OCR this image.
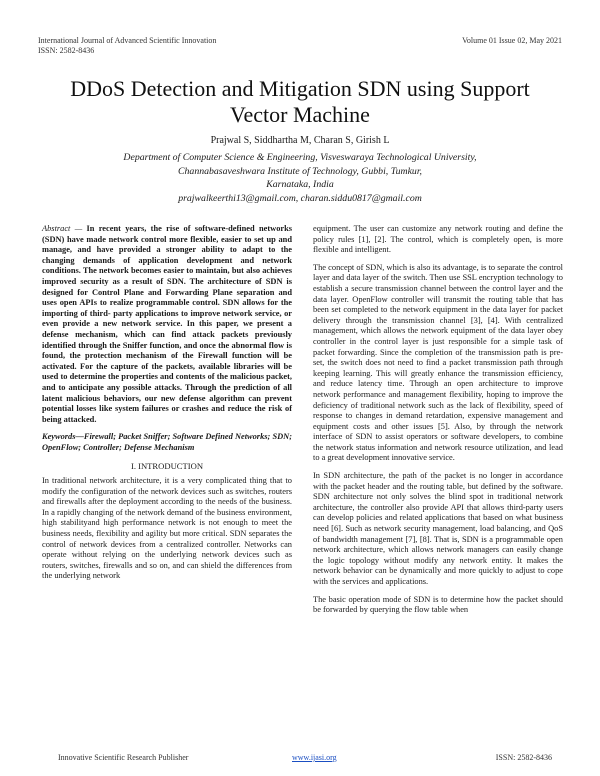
International Journal of Advanced Scientific Innovation
ISSN: 2582-8436
Volume 01 Issue 02, May 2021
DDoS Detection and Mitigation SDN using Support
Vector Machine
Prajwal S, Siddhartha M, Charan S, Girish L
Department of Computer Science & Engineering, Visveswaraya Technological University,
Channabasaveshwara Institute of Technology, Gubbi, Tumkur,
Karnataka, India
prajwalkeerthi13@gmail.com, charan.siddu0817@gmail.com

Abstract — In recent years, the rise of software-defined networks (SDN) have made network control more flexible, easier to set up and manage, and have provided a stronger ability to adapt to the changing demands of application development and network conditions. The network becomes easier to maintain, but also achieves improved security as a result of SDN. The architecture of SDN is designed for Control Plane and Forwarding Plane separation and uses open APIs to realize programmable control. SDN allows for the importing of third- party applications to improve network service, or even provide a new network service. In this paper, we present a defense mechanism, which can find attack packets previously identified through the Sniffer function, and once the abnormal flow is found, the protection mechanism of the Firewall function will be activated. For the capture of the packets, available libraries will be used to determine the properties and contents of the malicious packet, and to anticipate any possible attacks. Through the prediction of all latent malicious behaviors, our new defense algorithm can prevent potential losses like system failures or crashes and reduce the risk of being attacked.

Keywords—Firewall; Packet Sniffer; Software Defined Networks; SDN; OpenFlow; Controller; Defense Mechanism

I. INTRODUCTION

In traditional network architecture, it is a very complicated thing that to modify the configuration of the network devices such as switches, routers and firewalls after the deployment according to the needs of the business. In a rapidly changing of the network demand of the business environment, high stabilityand high performance network is not enough to meet the business needs, flexibility and agility but more critical. SDN separates the control of network devices from a centralized controller. Networks can operate without relying on the underlying network devices such as routers, switches, firewalls and so on, and can shield the differences from the underlying network

equipment. The user can customize any network routing and define the policy rules [1], [2]. The control, which is completely open, is more flexible and intelligent.

The concept of SDN, which is also its advantage, is to separate the control layer and data layer of the switch. Then use SSL encryption technology to establish a secure transmission channel between the control layer and the data layer. OpenFlow controller will transmit the routing table that has been set completed to the network equipment in the data layer for packet delivery through the transmission channel [3], [4]. With centralized management, which allows the network equipment of the data layer obey controller in the control layer is just responsible for a simple task of packet forwarding. Since the completion of the transmission path is pre-set, the switch does not need to find a packet transmission path through keeping learning. This will greatly enhance the transmission efficiency, and reduce latency time. Through an open architecture to improve network performance and management flexibility, hoping to improve the deficiency of traditional network such as the lack of flexibility, speed of response to changes in demand retardation, expensive management and equipment costs and other issues [5]. Also, by through the network interface of SDN to assist operators or software developers, to combine the network status information and network resource utilization, and lead to a great development innovative service.

In SDN architecture, the path of the packet is no longer in accordance with the packet header and the routing table, but defined by the software. SDN architecture not only solves the blind spot in traditional network architecture, the controller also provide API that allows third-party users can develop policies and related applications that based on what business need [6]. Such as network security management, load balancing, and QoS of bandwidth management [7], [8]. That is, SDN is a programmable open network architecture, which allows network managers can easily change the logic topology without modify any network entity. It makes the network behavior can be dynamically and more quickly to adjust to cope with the services and applications.

The basic operation mode of SDN is to determine how the packet should be forwarded by querying the flow table when

Innovative Scientific Research Publisher	www.ijasi.org	ISSN: 2582-8436
